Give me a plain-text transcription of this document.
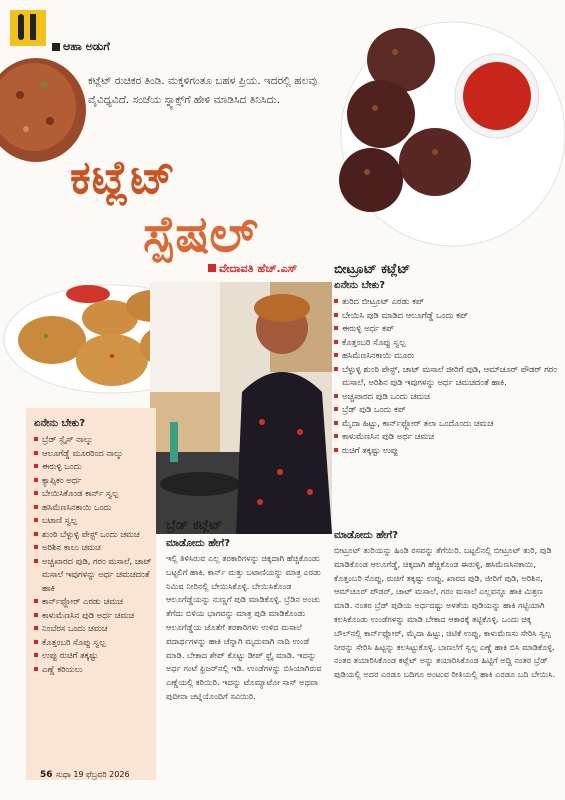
ಆಹಾ ಅಡುಗೆ
ಕಟ್ಲೆಟ್ ರುಚಿಕರ ತಿಂಡಿ. ಮಕ್ಕಳಿಗಂತೂ ಬಹಳ ಪ್ರಿಯ. ಇದರಲ್ಲಿ ಹಲವು ವೈವಿಧ್ಯವಿದೆ. ಸಂಜೆಯ ಸ್ನ್ಯಾಕ್ಸ್‌ಗೆ ಹೇಳಿ ಮಾಡಿಸಿದ ತಿನಿಸಿದು.
ಕಟ್ಲೆಟ್
ಸ್ಪೆಷಲ್
ವೇದಾವತಿ ಹೆಚ್.ಎಸ್	ಬೀಟ್ರೂಟ್ ಕಟ್ಲೆಟ್
ಏನೇನು ಬೇಕು?
ತುರಿದ ಬೀಟ್ರೂಟ್ ಎರಡು ಕಪ್
ಬೇಯಿಸಿ ಪುಡಿ ಮಾಡಿದ ಆಲೂಗೆಡ್ಡೆ ಒಂದು ಕಪ್
ಈರುಳ್ಳಿ ಅರ್ಧ ಕಪ್
ಕೊತ್ತಂಬರಿ ಸೊಪ್ಪು ಸ್ವಲ್ಪ
ಹಸಿಮೆಣಸಿನಕಾಯಿ ಮೂರು
ಬೆಳ್ಳುಳ್ಳಿ ಶುಂಠಿ ಪೇಸ್ಟ್, ಚಾಟ್ ಮಸಾಲೆ ಜೀರಿಗೆ ಪುಡಿ, ಆಮ್‌ಚೂರ್ ಪೌಡರ್ ಗರಂ ಮಸಾಲೆ, ಅರಿಶಿನ ಪುಡಿ ಇವುಗಳನ್ನು ಅರ್ಧ ಚಮಚದಂತೆ ಹಾಕಿ.
ಅಚ್ಚಖಾರದ ಪುಡಿ ಒಂದು ಚಮಚ
ಬ್ರೆಡ್ ಪುಡಿ ಒಂದು ಕಪ್
ಮೈದಾ ಹಿಟ್ಟು, ಕಾರ್ನ್‌ಫ್ಲೋರ್ ತಲಾ ಒಂದೊಂದು ಚಮಚ
ಕಾಳುಮೆಣಸಿನ ಪುಡಿ ಅರ್ಧ ಚಮಚ
ರುಚಿಗೆ ತಕ್ಕಷ್ಟು ಉಪ್ಪು
ಮಾಡೋದು ಹೇಗೆ?
ಬೀಟ್ರೂಟ್ ತುರಿಯನ್ನು ಹಿಂಡಿ ರಸವನ್ನು ತೆಗೆಯಿರಿ. ಬಟ್ಟಲಿನಲ್ಲಿ ಬೀಟ್ರೂಟ್ ತುರಿ, ಪುಡಿ ಮಾಡಿಕೊಂಡ ಆಲೂಗೆಡ್ಡೆ, ಚಿಕ್ಕದಾಗಿ ಹೆಚ್ಚಿಕೊಂಡ ಈರುಳ್ಳಿ, ಹಸಿಮೆಣಸಿನಕಾಯಿ, ಕೊತ್ತಂಬರಿ ಸೊಪ್ಪು, ರುಚಿಗೆ ತಕ್ಕಷ್ಟು ಉಪ್ಪು, ಖಾರದ ಪುಡಿ, ಜೀರಿಗೆ ಪುಡಿ, ಅರಿಶಿನ, ಆಮ್‌ಚೂರ್ ಪೌಡರ್, ಚಾಟ್ ಮಸಾಲೆ, ಗರಂ ಮಸಾಲೆ ಎಲ್ಲವನ್ನೂ ಹಾಕಿ ಮಿಶ್ರಣ ಮಾಡಿ. ನಂತರ ಬ್ರೆಡ್ ಪುಡಿಯ ಅರ್ಧದಷ್ಟು ಅಳತೆಯ ಪುಡಿಯನ್ನು ಹಾಕಿ ಗಟ್ಟಿಯಾಗಿ ಕಲಸಿಕೊಂಡು ಉಂಡೆಗಳನ್ನು ಮಾಡಿ ಬೇಕಾದ ಆಕಾರಕ್ಕೆ ತಟ್ಟಿಕೊಳ್ಳಿ. ಒಂದು ಚಿಕ್ಕ ಬೌಲ್‌ನಲ್ಲಿ ಕಾರ್ನ್‌ಫ್ಲೋರ್, ಮೈದಾ ಹಿಟ್ಟು, ಚಿಟಿಕೆ ಉಪ್ಪು, ಕಾಳುಮೆಣಸು ಸೇರಿಸಿ ಸ್ವಲ್ಪ ನೀರನ್ನು ಸೇರಿಸಿ ಹಿಟ್ಟನ್ನು ಕಲಸಿಟ್ಟುಕೊಳ್ಳಿ. ಬಾಣಲೆಗೆ ಸ್ವಲ್ಪ ಎಣ್ಣೆ ಹಾಕಿ ಬಿಸಿ ಮಾಡಿಕೊಳ್ಳಿ. ನಂತರ ತಯಾರಿಸಿಕೊಂಡ ಕಟ್ಲೆಟ್ ಅನ್ನು ತಯಾರಿಸಿಕೊಂಡ ಹಿಟ್ಟಿಗೆ ಅದ್ದಿ ನಂತರ ಬ್ರೆಡ್ ಪುಡಿಯಲ್ಲಿ ಅದರ ಎರಡೂ ಬದಿಗೂ ಅಂಟುವ ರೀತಿಯಲ್ಲಿ ಹಾಕಿ ಎರಡೂ ಬದಿ ಬೇಯಿಸಿ.
ಏನೇನು ಬೇಕು?
ಬ್ರೆಡ್ ಸ್ಲೈಸ್ ನಾಲ್ಕು
ಆಲೂಗೆಡ್ಡೆ ಮೂರರಿಂದ ನಾಲ್ಕು
ಈರುಳ್ಳಿ ಒಂದು
ಕ್ಯಾಪ್ಸಿಕಂ ಅರ್ಧ
ಬೇಯಿಸಿಕೊಂಡ ಕಾರ್ನ್ ಸ್ವಲ್ಪ
ಹಸಿಮೆಣಸಿನಕಾಯಿ ಒಂದು
ಬಟಾಣಿ ಸ್ವಲ್ಪ
ಶುಂಠಿ ಬೆಳ್ಳುಳ್ಳಿ ಪೇಸ್ಟ್ ಒಂದು ಚಮಚ
ಅರಿಶಿನ ಕಾಲು ಚಮಚ
ಅಚ್ಚಖಾರದ ಪುಡಿ, ಗರಂ ಮಸಾಲೆ, ಚಾಟ್ ಮಸಾಲೆ ಇವುಗಳನ್ನು ಅರ್ಧ ಚಮಚದಂತೆ ಹಾಕಿ
ಕಾರ್ನ್‌ಫ್ಲೋರ್ ಎರಡು ಚಮಚ
ಕಾಳುಮೆಣಸಿನ ಪುಡಿ ಅರ್ಧ ಚಮಚ
ನಿಂಬೆರಸ ಒಂದು ಚಮಚ
ಕೊತ್ತಂಬರಿ ಸೊಪ್ಪು ಸ್ವಲ್ಪ
ಉಪ್ಪು ರುಚಿಗೆ ತಕ್ಕಷ್ಟು
ಎಣ್ಣೆ ಕರಿಯಲು
ಬ್ರೆಡ್ ಕಟ್ಲೆಟ್
ಮಾಡೋದು ಹೇಗೆ?
ಇಲ್ಲಿ ತಿಳಿಸಿರುವ ಎಲ್ಲ ತರಕಾರಿಗಳನ್ನು ಚಿಕ್ಕದಾಗಿ ಹೆಚ್ಚಿಕೊಂಡು ಬಟ್ಟಲಿಗೆ ಹಾಕಿ. ಕಾರ್ನ್ ಮತ್ತು ಬಟಾಣಿಯನ್ನು ಮಾತ್ರ ಎರಡು ನಿಮಿಷ ನೀರಿನಲ್ಲಿ ಬೇಯಿಸಿಕೊಳ್ಳಿ. ಬೇಯಿಸಿಕೊಂಡ ಆಲೂಗೆಡ್ಡೆಯನ್ನು ನುಣ್ಣಗೆ ಪುಡಿ ಮಾಡಿಕೊಳ್ಳಿ. ಬ್ರೆಡಿನ ಅಂಚು ತೆಗೆದು ಬಿಳಿಯ ಭಾಗವನ್ನು ಮಾತ್ರ ಪುಡಿ ಮಾಡಿಕೊಂಡು ಆಲೂಗೆಡ್ಡೆಯ ಜೊತೆಗೆ ತರಕಾರಿಗಳು ಉಳಿದ ಮಸಾಲೆ ಪದಾರ್ಥಗಳನ್ನು ಹಾಕಿ ಚೆನ್ನಾಗಿ ಮೃದುವಾಗಿ ನಾದಿ ಉಂಡೆ ಮಾಡಿ. ಬೇಕಾದ ಶೇಪ್ ಕೊಟ್ಟು ಡೀಪ್ ಫ್ರೈ ಮಾಡಿ. ಇದನ್ನು ಅರ್ಧ ಗಂಟೆ ಫ್ರಿಜರ್‌ನಲ್ಲಿ ಇಡಿ. ಉಂಡೆಗಳನ್ನು ಬಿಸಿಯಾಗಿರುವ ಎಣ್ಣೆಯಲ್ಲಿ ಕರಿಯಿರಿ. ಇದನ್ನು ಟೊಮ್ಯಾಟೋ ಸಾಸ್ ಅಥವಾ ಪುದೀನಾ ಚಟ್ನಿಯೊಂದಿಗೆ ಸವಿಯಿರಿ.
56 ಸುಧಾ 19 ಫೆಬ್ರವರಿ 2026
